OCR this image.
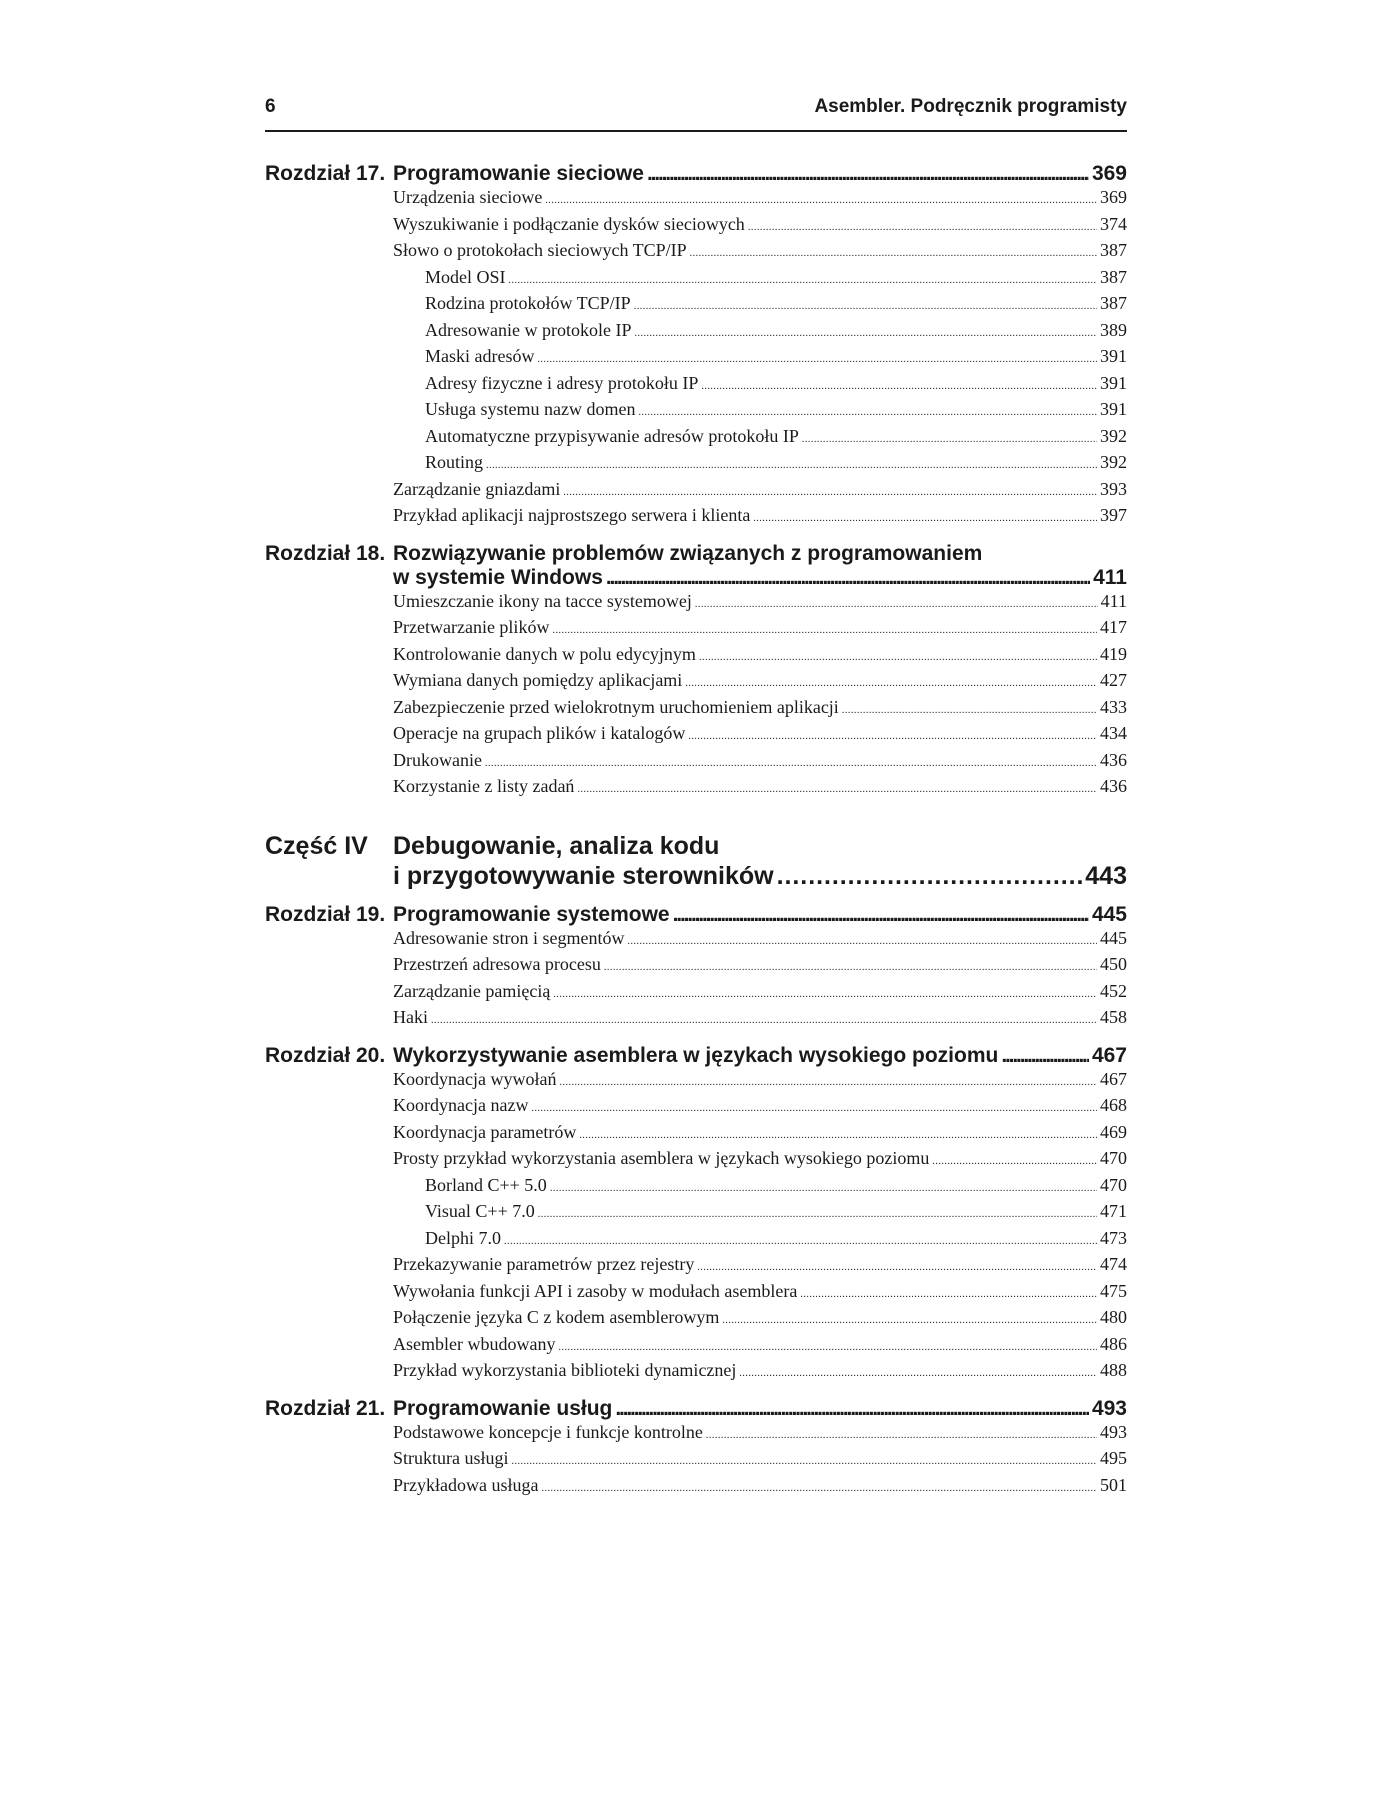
6	Asembler. Podręcznik programisty
Rozdział 17. Programowanie sieciowe . . .	369
Urządzenia sieciowe . . .	369
Wyszukiwanie i podłączanie dysków sieciowych . . .	374
Słowo o protokołach sieciowych TCP/IP . . .	387
Model OSI . . .	387
Rodzina protokołów TCP/IP . . .	387
Adresowanie w protokole IP . . .	389
Maski adresów . . .	391
Adresy fizyczne i adresy protokołu IP . . .	391
Usługa systemu nazw domen . . .	391
Automatyczne przypisywanie adresów protokołu IP . . .	392
Routing . . .	392
Zarządzanie gniazdami . . .	393
Przykład aplikacji najprostszego serwera i klienta . . .	397
Rozdział 18. Rozwiązywanie problemów związanych z programowaniem
w systemie Windows . . .	411
Umieszczanie ikony na tacce systemowej . . .	411
Przetwarzanie plików . . .	417
Kontrolowanie danych w polu edycyjnym . . .	419
Wymiana danych pomiędzy aplikacjami . . .	427
Zabezpieczenie przed wielokrotnym uruchomieniem aplikacji . . .	433
Operacje na grupach plików i katalogów . . .	434
Drukowanie . . .	436
Korzystanie z listy zadań . . .	436
Część IV	Debugowanie, analiza kodu
i przygotowywanie sterowników . . .	443
Rozdział 19. Programowanie systemowe . . .	445
Adresowanie stron i segmentów . . .	445
Przestrzeń adresowa procesu . . .	450
Zarządzanie pamięcią . . .	452
Haki . . .	458
Rozdział 20. Wykorzystywanie asemblera w językach wysokiego poziomu . . .	467
Koordynacja wywołań . . .	467
Koordynacja nazw . . .	468
Koordynacja parametrów . . .	469
Prosty przykład wykorzystania asemblera w językach wysokiego poziomu . . .	470
Borland C++ 5.0 . . .	470
Visual C++ 7.0 . . .	471
Delphi 7.0 . . .	473
Przekazywanie parametrów przez rejestry . . .	474
Wywołania funkcji API i zasoby w modułach asemblera . . .	475
Połączenie języka C z kodem asemblerowym . . .	480
Asembler wbudowany . . .	486
Przykład wykorzystania biblioteki dynamicznej . . .	488
Rozdział 21. Programowanie usług . . .	493
Podstawowe koncepcje i funkcje kontrolne . . .	493
Struktura usługi . . .	495
Przykładowa usługa . . .	501
